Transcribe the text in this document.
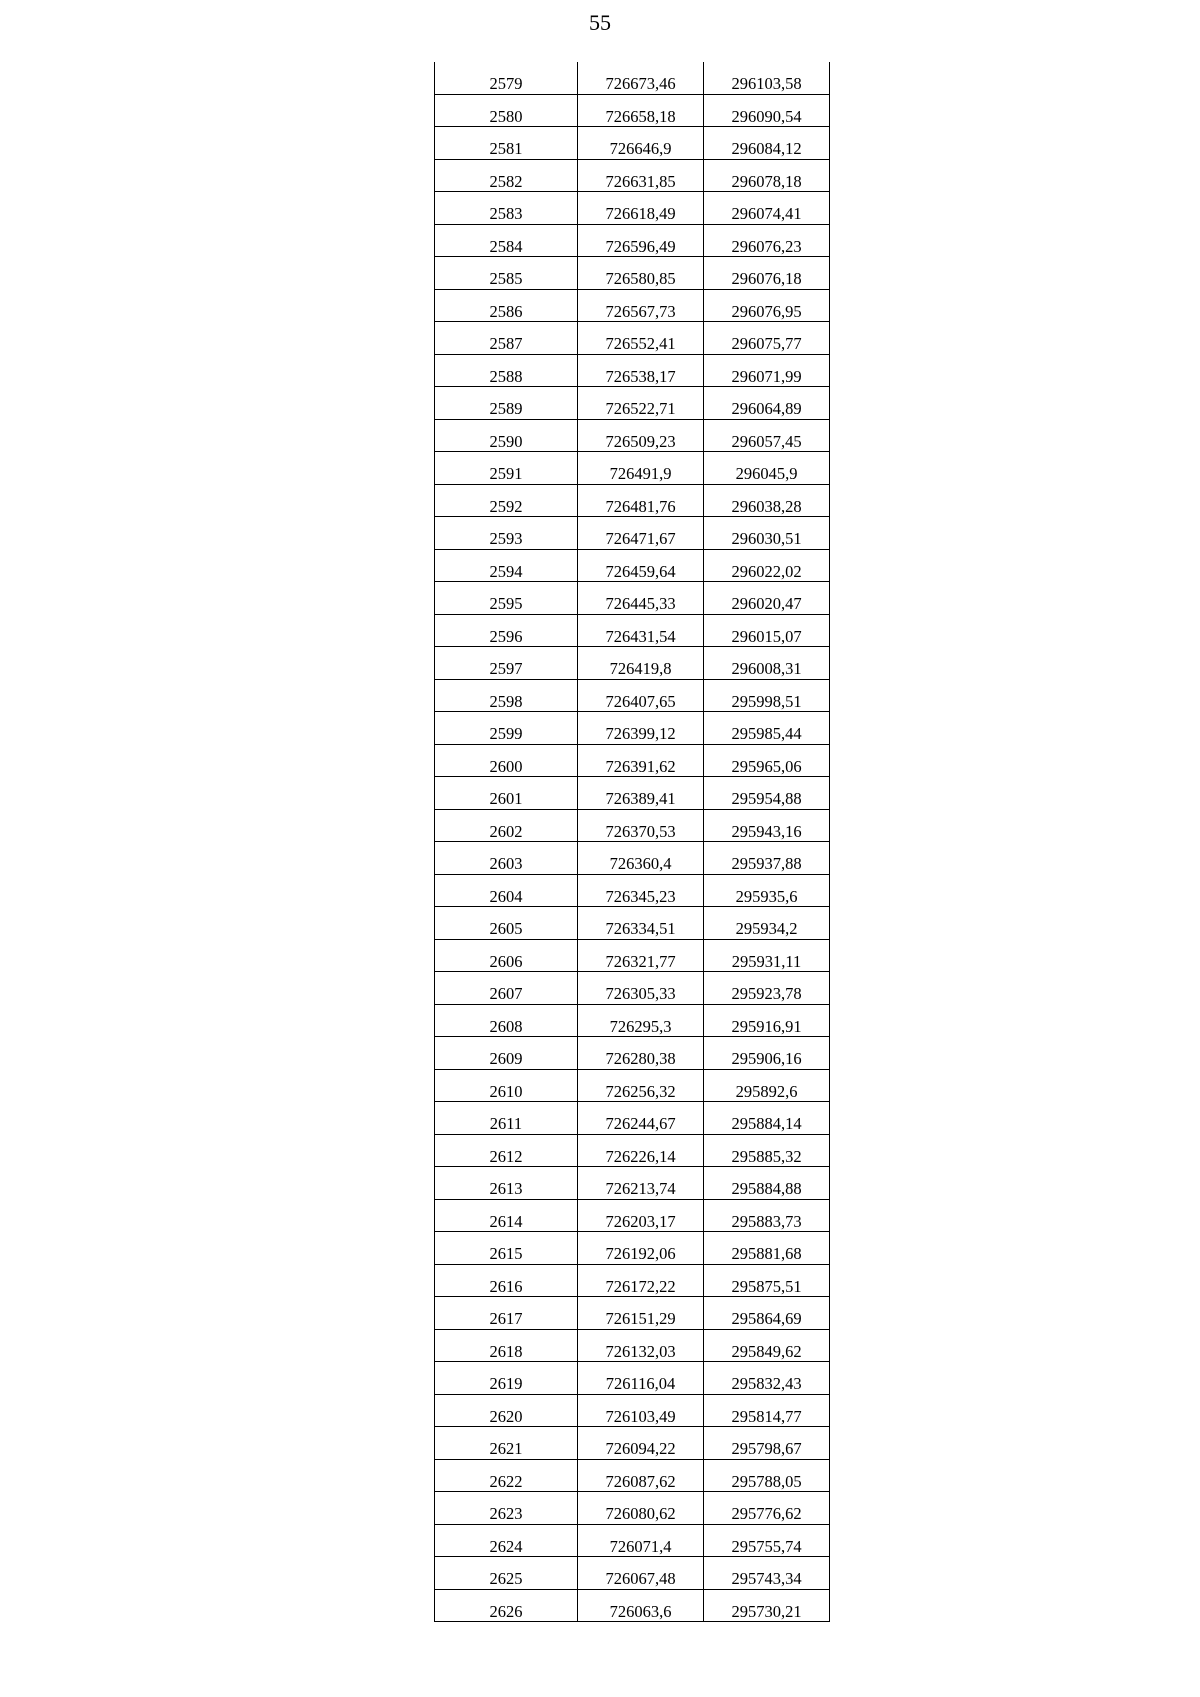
55
2579	726673,46	296103,58
2580	726658,18	296090,54
2581	726646,9	296084,12
2582	726631,85	296078,18
2583	726618,49	296074,41
2584	726596,49	296076,23
2585	726580,85	296076,18
2586	726567,73	296076,95
2587	726552,41	296075,77
2588	726538,17	296071,99
2589	726522,71	296064,89
2590	726509,23	296057,45
2591	726491,9	296045,9
2592	726481,76	296038,28
2593	726471,67	296030,51
2594	726459,64	296022,02
2595	726445,33	296020,47
2596	726431,54	296015,07
2597	726419,8	296008,31
2598	726407,65	295998,51
2599	726399,12	295985,44
2600	726391,62	295965,06
2601	726389,41	295954,88
2602	726370,53	295943,16
2603	726360,4	295937,88
2604	726345,23	295935,6
2605	726334,51	295934,2
2606	726321,77	295931,11
2607	726305,33	295923,78
2608	726295,3	295916,91
2609	726280,38	295906,16
2610	726256,32	295892,6
2611	726244,67	295884,14
2612	726226,14	295885,32
2613	726213,74	295884,88
2614	726203,17	295883,73
2615	726192,06	295881,68
2616	726172,22	295875,51
2617	726151,29	295864,69
2618	726132,03	295849,62
2619	726116,04	295832,43
2620	726103,49	295814,77
2621	726094,22	295798,67
2622	726087,62	295788,05
2623	726080,62	295776,62
2624	726071,4	295755,74
2625	726067,48	295743,34
2626	726063,6	295730,21
